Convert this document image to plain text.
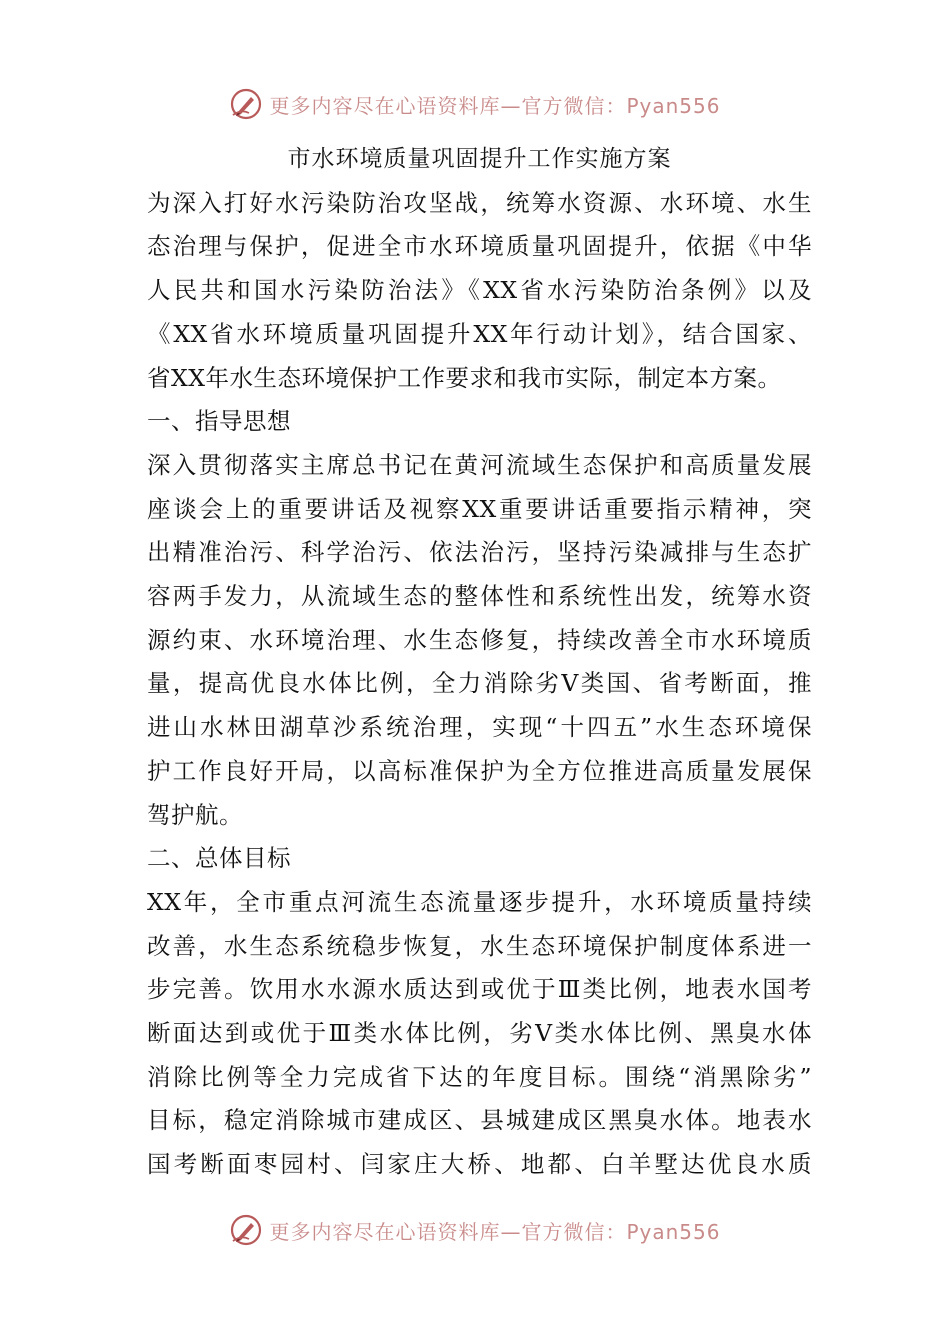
更多内容尽在心语资料库—官方微信：Pyan556
市水环境质量巩固提升工作实施方案
为深入打好水污染防治攻坚战，统筹水资源、水环境、水生
态治理与保护，促进全市水环境质量巩固提升，依据《中华
人民共和国水污染防治法》《XX省水污染防治条例》以及
《XX省水环境质量巩固提升XX年行动计划》，结合国家、
省XX年水生态环境保护工作要求和我市实际，制定本方案。
一、指导思想
深入贯彻落实主席总书记在黄河流域生态保护和高质量发展
座谈会上的重要讲话及视察XX重要讲话重要指示精神，突
出精准治污、科学治污、依法治污，坚持污染减排与生态扩
容两手发力，从流域生态的整体性和系统性出发，统筹水资
源约束、水环境治理、水生态修复，持续改善全市水环境质
量，提高优良水体比例，全力消除劣Ⅴ类国、省考断面，推
进山水林田湖草沙系统治理，实现“十四五”水生态环境保
护工作良好开局，以高标准保护为全方位推进高质量发展保
驾护航。
二、总体目标
XX年，全市重点河流生态流量逐步提升，水环境质量持续
改善，水生态系统稳步恢复，水生态环境保护制度体系进一
步完善。饮用水水源水质达到或优于Ⅲ类比例，地表水国考
断面达到或优于Ⅲ类水体比例，劣Ⅴ类水体比例、黑臭水体
消除比例等全力完成省下达的年度目标。围绕“消黑除劣”
目标，稳定消除城市建成区、县城建成区黑臭水体。地表水
国考断面枣园村、闫家庄大桥、地都、白羊墅达优良水质
更多内容尽在心语资料库—官方微信：Pyan556
